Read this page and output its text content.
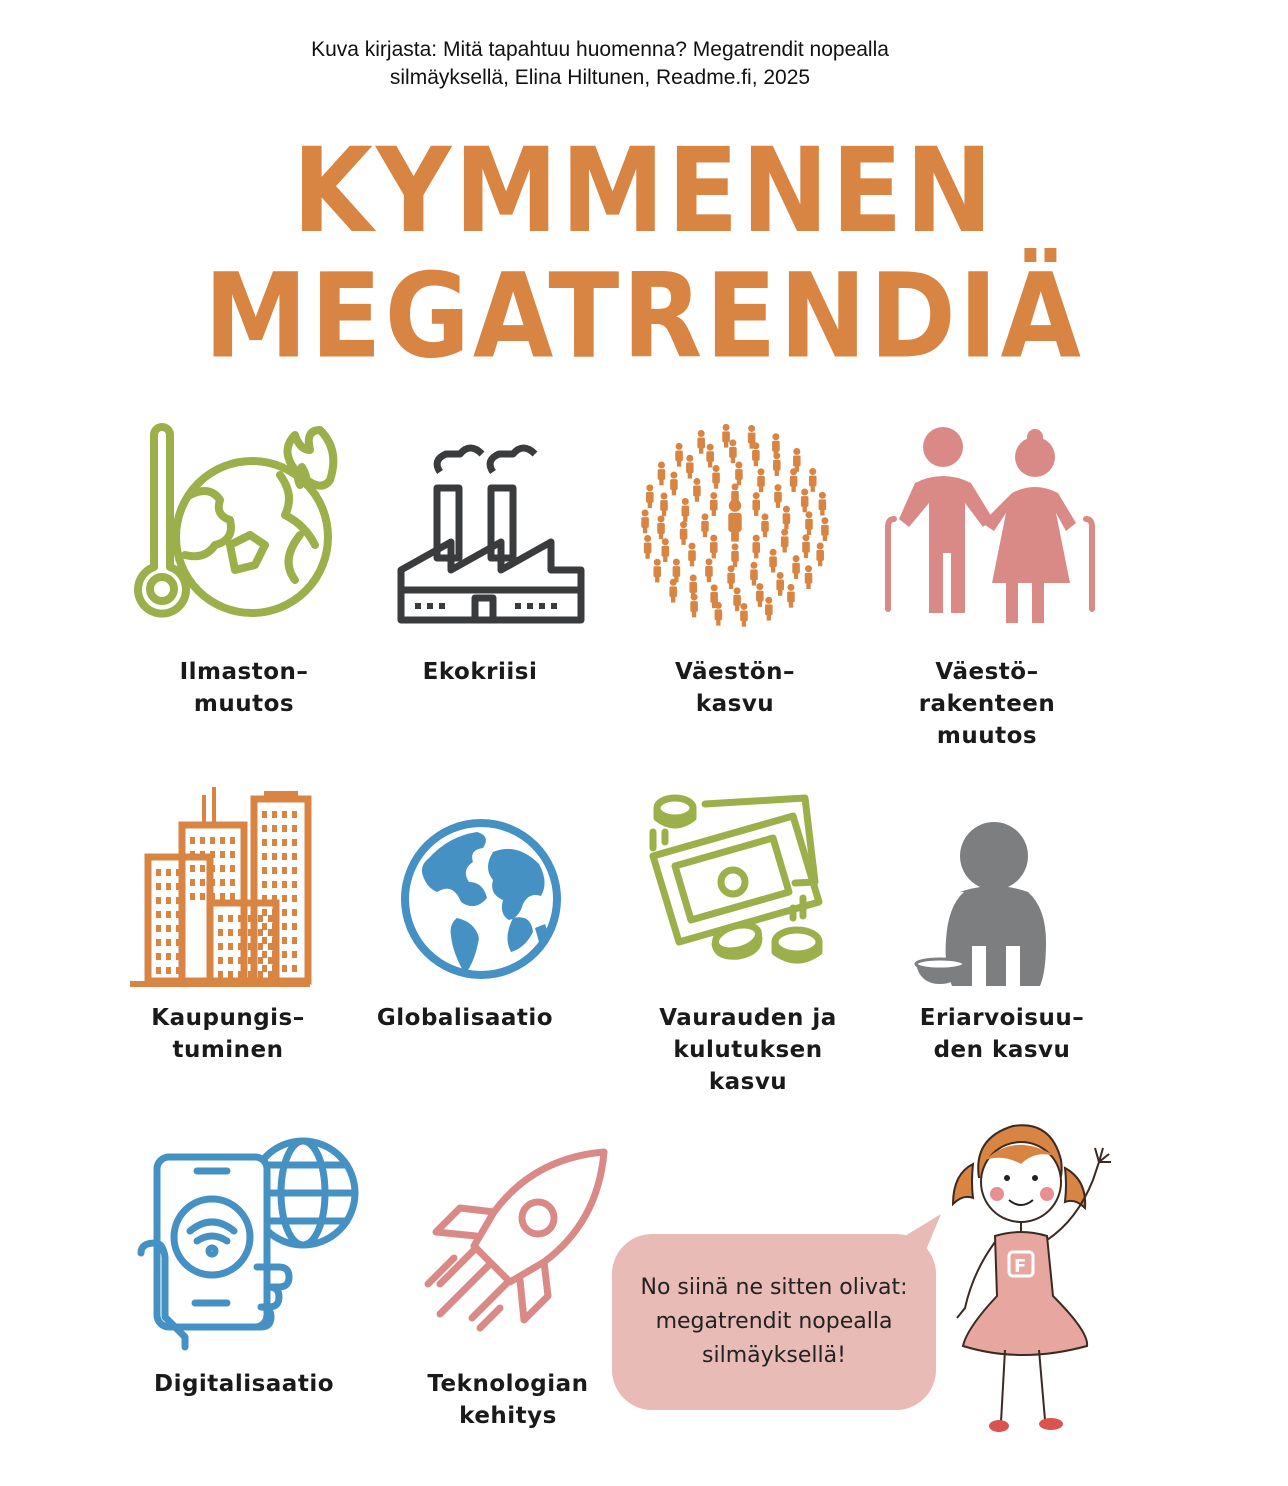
Kuva kirjasta: Mitä tapahtuu huomenna? Megatrendit nopealla
silmäyksellä, Elina Hiltunen, Readme.fi, 2025
KYMMENEN
MEGATRENDIÄ
F
No siinä ne sitten olivat:
megatrendit nopealla
silmäyksellä!
Ilmaston–
muutos
Ekokriisi	Väestön–
kasvu
Väestö–
rakenteen
muutos
Kaupungis–
tuminen
Globalisaatio	Vaurauden ja
kulutuksen
kasvu
Eriarvoisuu–
den kasvu
Digitalisaatio	Teknologian
kehitys
